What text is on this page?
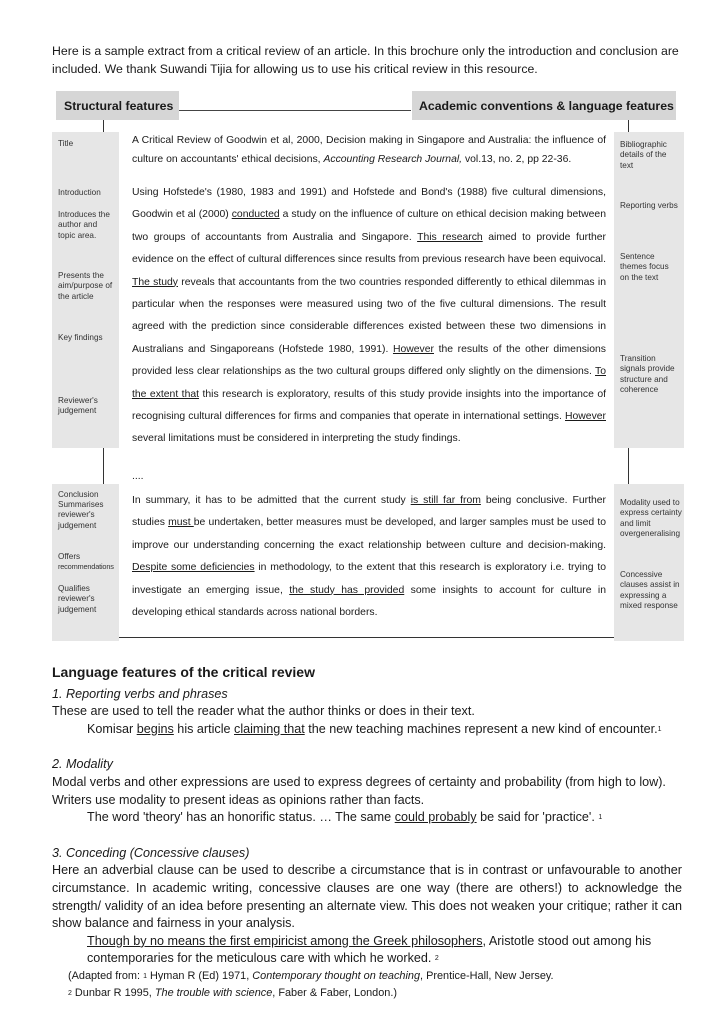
Here is a sample extract from a critical review of an article. In this brochure only the introduction and conclusion are included. We thank Suwandi Tijia for allowing us to use his critical review in this resource.

Structural features	Academic conventions & language features
Title
Introduction
Introduces the author and topic area.
Presents the aim/purpose of the article
Key findings
Reviewer's judgement
Conclusion
Summarises reviewer's judgement
Offers
recommendations
Qualifies reviewer's judgement
Bibliographic details of the text
Reporting verbs
Sentence themes focus on the text
Transition signals provide structure and coherence
Modality used to express certainty and limit overgeneralising
Concessive clauses assist in expressing a mixed response
A Critical Review of Goodwin et al, 2000, Decision making in Singapore and Australia: the influence of culture on accountants' ethical decisions, Accounting Research Journal, vol.13, no. 2, pp 22-36.
Using Hofstede's (1980, 1983 and 1991) and Hofstede and Bond's (1988) five cultural dimensions, Goodwin et al (2000) conducted a study on the influence of culture on ethical decision making between two groups of accountants from Australia and Singapore. This research aimed to provide further evidence on the effect of cultural differences since results from previous research have been equivocal. The study reveals that accountants from the two countries responded differently to ethical dilemmas in particular when the responses were measured using two of the five cultural dimensions. The result agreed with the prediction since considerable differences existed between these two dimensions in Australians and Singaporeans (Hofstede 1980, 1991). However the results of the other dimensions provided less clear relationships as the two cultural groups differed only slightly on the dimensions. To the extent that this research is exploratory, results of this study provide insights into the importance of recognising cultural differences for firms and companies that operate in international settings. However several limitations must be considered in interpreting the study findings.
....
In summary, it has to be admitted that the current study is still far from being conclusive. Further studies must be undertaken, better measures must be developed, and larger samples must be used to improve our understanding concerning the exact relationship between culture and decision-making. Despite some deficiencies in methodology, to the extent that this research is exploratory i.e. trying to investigate an emerging issue, the study has provided some insights to account for culture in developing ethical standards across national borders.
Language features of the critical review

1. Reporting verbs and phrases

These are used to tell the reader what the author thinks or does in their text.

Komisar begins his article claiming that the new teaching machines represent a new kind of encounter.$^1$

2. Modality

Modal verbs and other expressions are used to express degrees of certainty and probability (from high to low). Writers use modality to present ideas as opinions rather than facts.

The word 'theory' has an honorific status. … The same could probably be said for 'practice'. $^1$

3. Conceding (Concessive clauses)

Here an adverbial clause can be used to describe a circumstance that is in contrast or unfavourable to another circumstance. In academic writing, concessive clauses are one way (there are others!) to acknowledge the strength/ validity of an idea before presenting an alternate view. This does not weaken your critique; rather it can show balance and fairness in your analysis.

Though by no means the first empiricist among the Greek philosophers, Aristotle stood out among his contemporaries for the meticulous care with which he worked. $^2$

(Adapted from: $^1$ Hyman R (Ed) 1971, Contemporary thought on teaching, Prentice-Hall, New Jersey.

$^2$ Dunbar R 1995, The trouble with science, Faber & Faber, London.)
